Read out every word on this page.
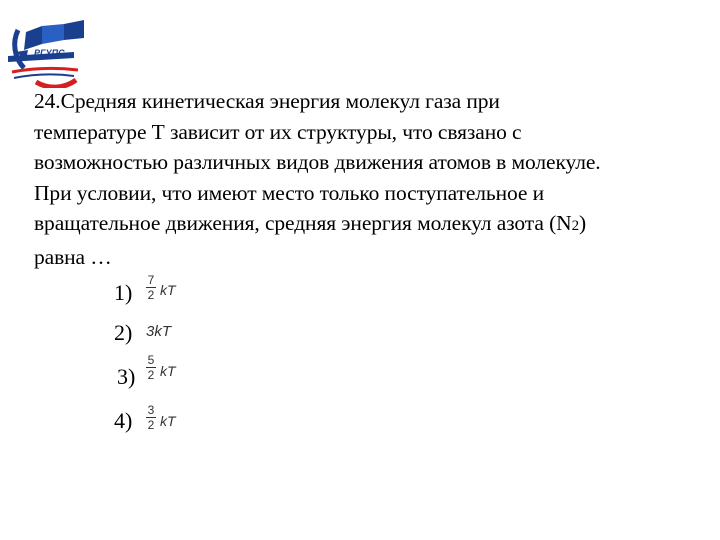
РГУПС
24.Средняя кинетическая энергия молекул газа при
температуре Т зависит от их структуры, что связано с
возможностью различных видов движения атомов в молекуле.
При условии, что имеют место только поступательное и
вращательное движения, средняя энергия молекул азота (N2)
равна …
1) 7
2 kT
2) 3kT
3)
5
2 kT
4) 3
2 kT
